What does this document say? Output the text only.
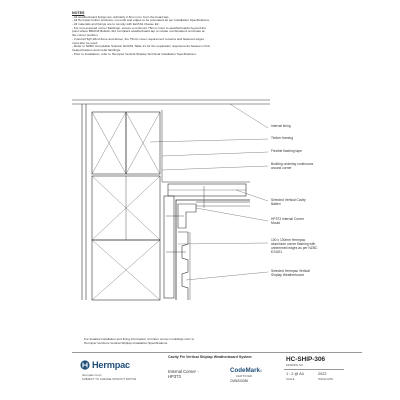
NOTES
- All weatherboard fixings are ordinarily 2.5mm min. from the board lap.
- All Hermpac timber products, cut ends and edges to be precoated as per Installation Specifications.
- All materials and fixings are to comply with E2/AS1 Clause E2.
- For non-exposed corner flashings, ensure a minimum 75mm cover to weatherboards beyond the
point where BRANZ Bulletin 411 compliant weatherboard lap or rebate combinations terminate at
the corner position.
- In Extra High Wind Zone and above, the 75mm cover requirement remains and fastened edges
must also be used.
- Refer to NZBC Acceptable Solution E2/AS1 Table 21 for the separation requirements between CCA
treated battens and metal flashings.
- Prior to installation, refer to Hermpac Vertical Shiplap Technical Installation Specifications.
Internal lining
Timber framing
Flexible flashing tape
Building underlay continuous around corner
Selected Vertical Cavity Batten
HP373 Internal Corner Mould
100 x 100mm Hermpac aluminium corner flashing with unhemmed edges as per NZBC E2/AS1
Selected Hermpac Vertical Shiplap Weatherboard
For detailed installation and fixing information of timber corner mouldings refer to
Hermpac VertiLine Vertical Shiplap Installation Specifications.
Hermpac
hermpac.co.nz
SUBJECT TO CHANGE WITHOUT NOTICE
Cavity Fix Vertical Shiplap Weatherboard System
Internal Corner -
HP373
CodeMark ®
CERTIFIED
CMNZ00036
HC-SHIP-306
DRAWING NO.
1 : 2 @ A4	2022
SCALE	ISSUE DATE
